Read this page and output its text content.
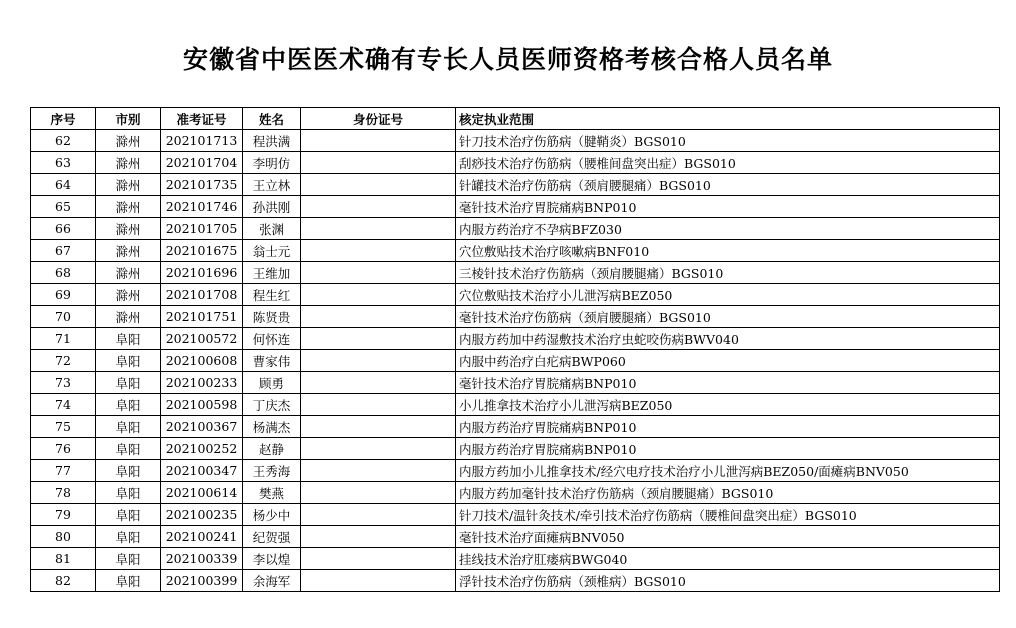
安徽省中医医术确有专长人员医师资格考核合格人员名单
序号	市别	准考证号	姓名	身份证号	核定执业范围
62	滁州	202101713	程洪满		针刀技术治疗伤筋病（腱鞘炎）BGS010
63	滁州	202101704	李明仿		刮痧技术治疗伤筋病（腰椎间盘突出症）BGS010
64	滁州	202101735	王立林		针罐技术治疗伤筋病（颈肩腰腿痛）BGS010
65	滁州	202101746	孙洪刚		毫针技术治疗胃脘痛病BNP010
66	滁州	202101705	张渊		内服方药治疗不孕病BFZ030
67	滁州	202101675	翁士元		穴位敷贴技术治疗咳嗽病BNF010
68	滁州	202101696	王维加		三棱针技术治疗伤筋病（颈肩腰腿痛）BGS010
69	滁州	202101708	程生红		穴位敷贴技术治疗小儿泄泻病BEZ050
70	滁州	202101751	陈贤贵		毫针技术治疗伤筋病（颈肩腰腿痛）BGS010
71	阜阳	202100572	何怀连		内服方药加中药湿敷技术治疗虫蛇咬伤病BWV040
72	阜阳	202100608	曹家伟		内服中药治疗白疕病BWP060
73	阜阳	202100233	顾勇		毫针技术治疗胃脘痛病BNP010
74	阜阳	202100598	丁庆杰		小儿推拿技术治疗小儿泄泻病BEZ050
75	阜阳	202100367	杨满杰		内服方药治疗胃脘痛病BNP010
76	阜阳	202100252	赵静		内服方药治疗胃脘痛病BNP010
77	阜阳	202100347	王秀海		内服方药加小儿推拿技术/经穴电疗技术治疗小儿泄泻病BEZ050/面瘫病BNV050
78	阜阳	202100614	樊燕		内服方药加毫针技术治疗伤筋病（颈肩腰腿痛）BGS010
79	阜阳	202100235	杨少中		针刀技术/温针灸技术/牵引技术治疗伤筋病（腰椎间盘突出症）BGS010
80	阜阳	202100241	纪贺强		毫针技术治疗面瘫病BNV050
81	阜阳	202100339	李以煌		挂线技术治疗肛瘘病BWG040
82	阜阳	202100399	余海军		浮针技术治疗伤筋病（颈椎病）BGS010
